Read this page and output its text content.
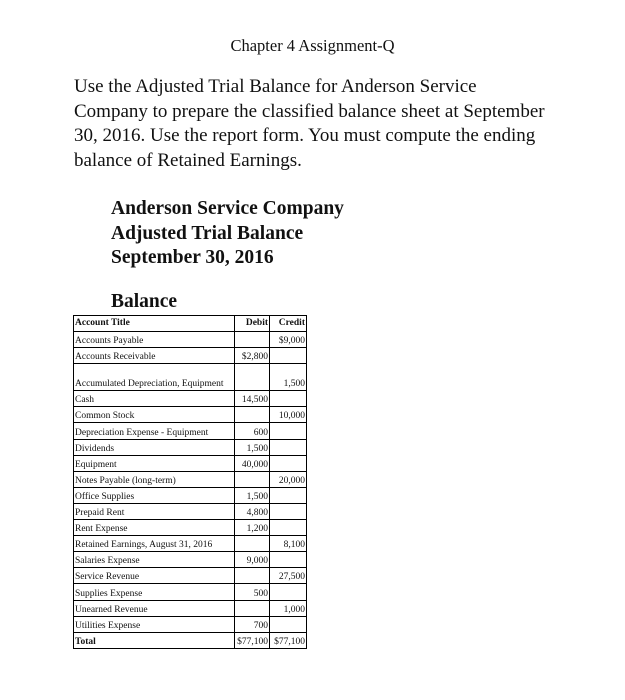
Chapter 4 Assignment-Q
Use the Adjusted Trial Balance for Anderson Service Company to prepare the classified balance sheet at September 30, 2016. Use the report form. You must compute the ending balance of Retained Earnings.
Anderson Service Company
Adjusted Trial Balance
September 30, 2016
Balance
Account Title	Debit	Credit
Accounts Payable		$9,000
Accounts Receivable	$2,800	
Accumulated Depreciation, Equipment		1,500
Cash	14,500	
Common Stock		10,000
Depreciation Expense - Equipment	600	
Dividends	1,500	
Equipment	40,000	
Notes Payable (long-term)		20,000
Office Supplies	1,500	
Prepaid Rent	4,800	
Rent Expense	1,200	
Retained Earnings, August 31, 2016		8,100
Salaries Expense	9,000	
Service Revenue		27,500
Supplies Expense	500	
Unearned Revenue		1,000
Utilities Expense	700	
Total	$77,100	$77,100
